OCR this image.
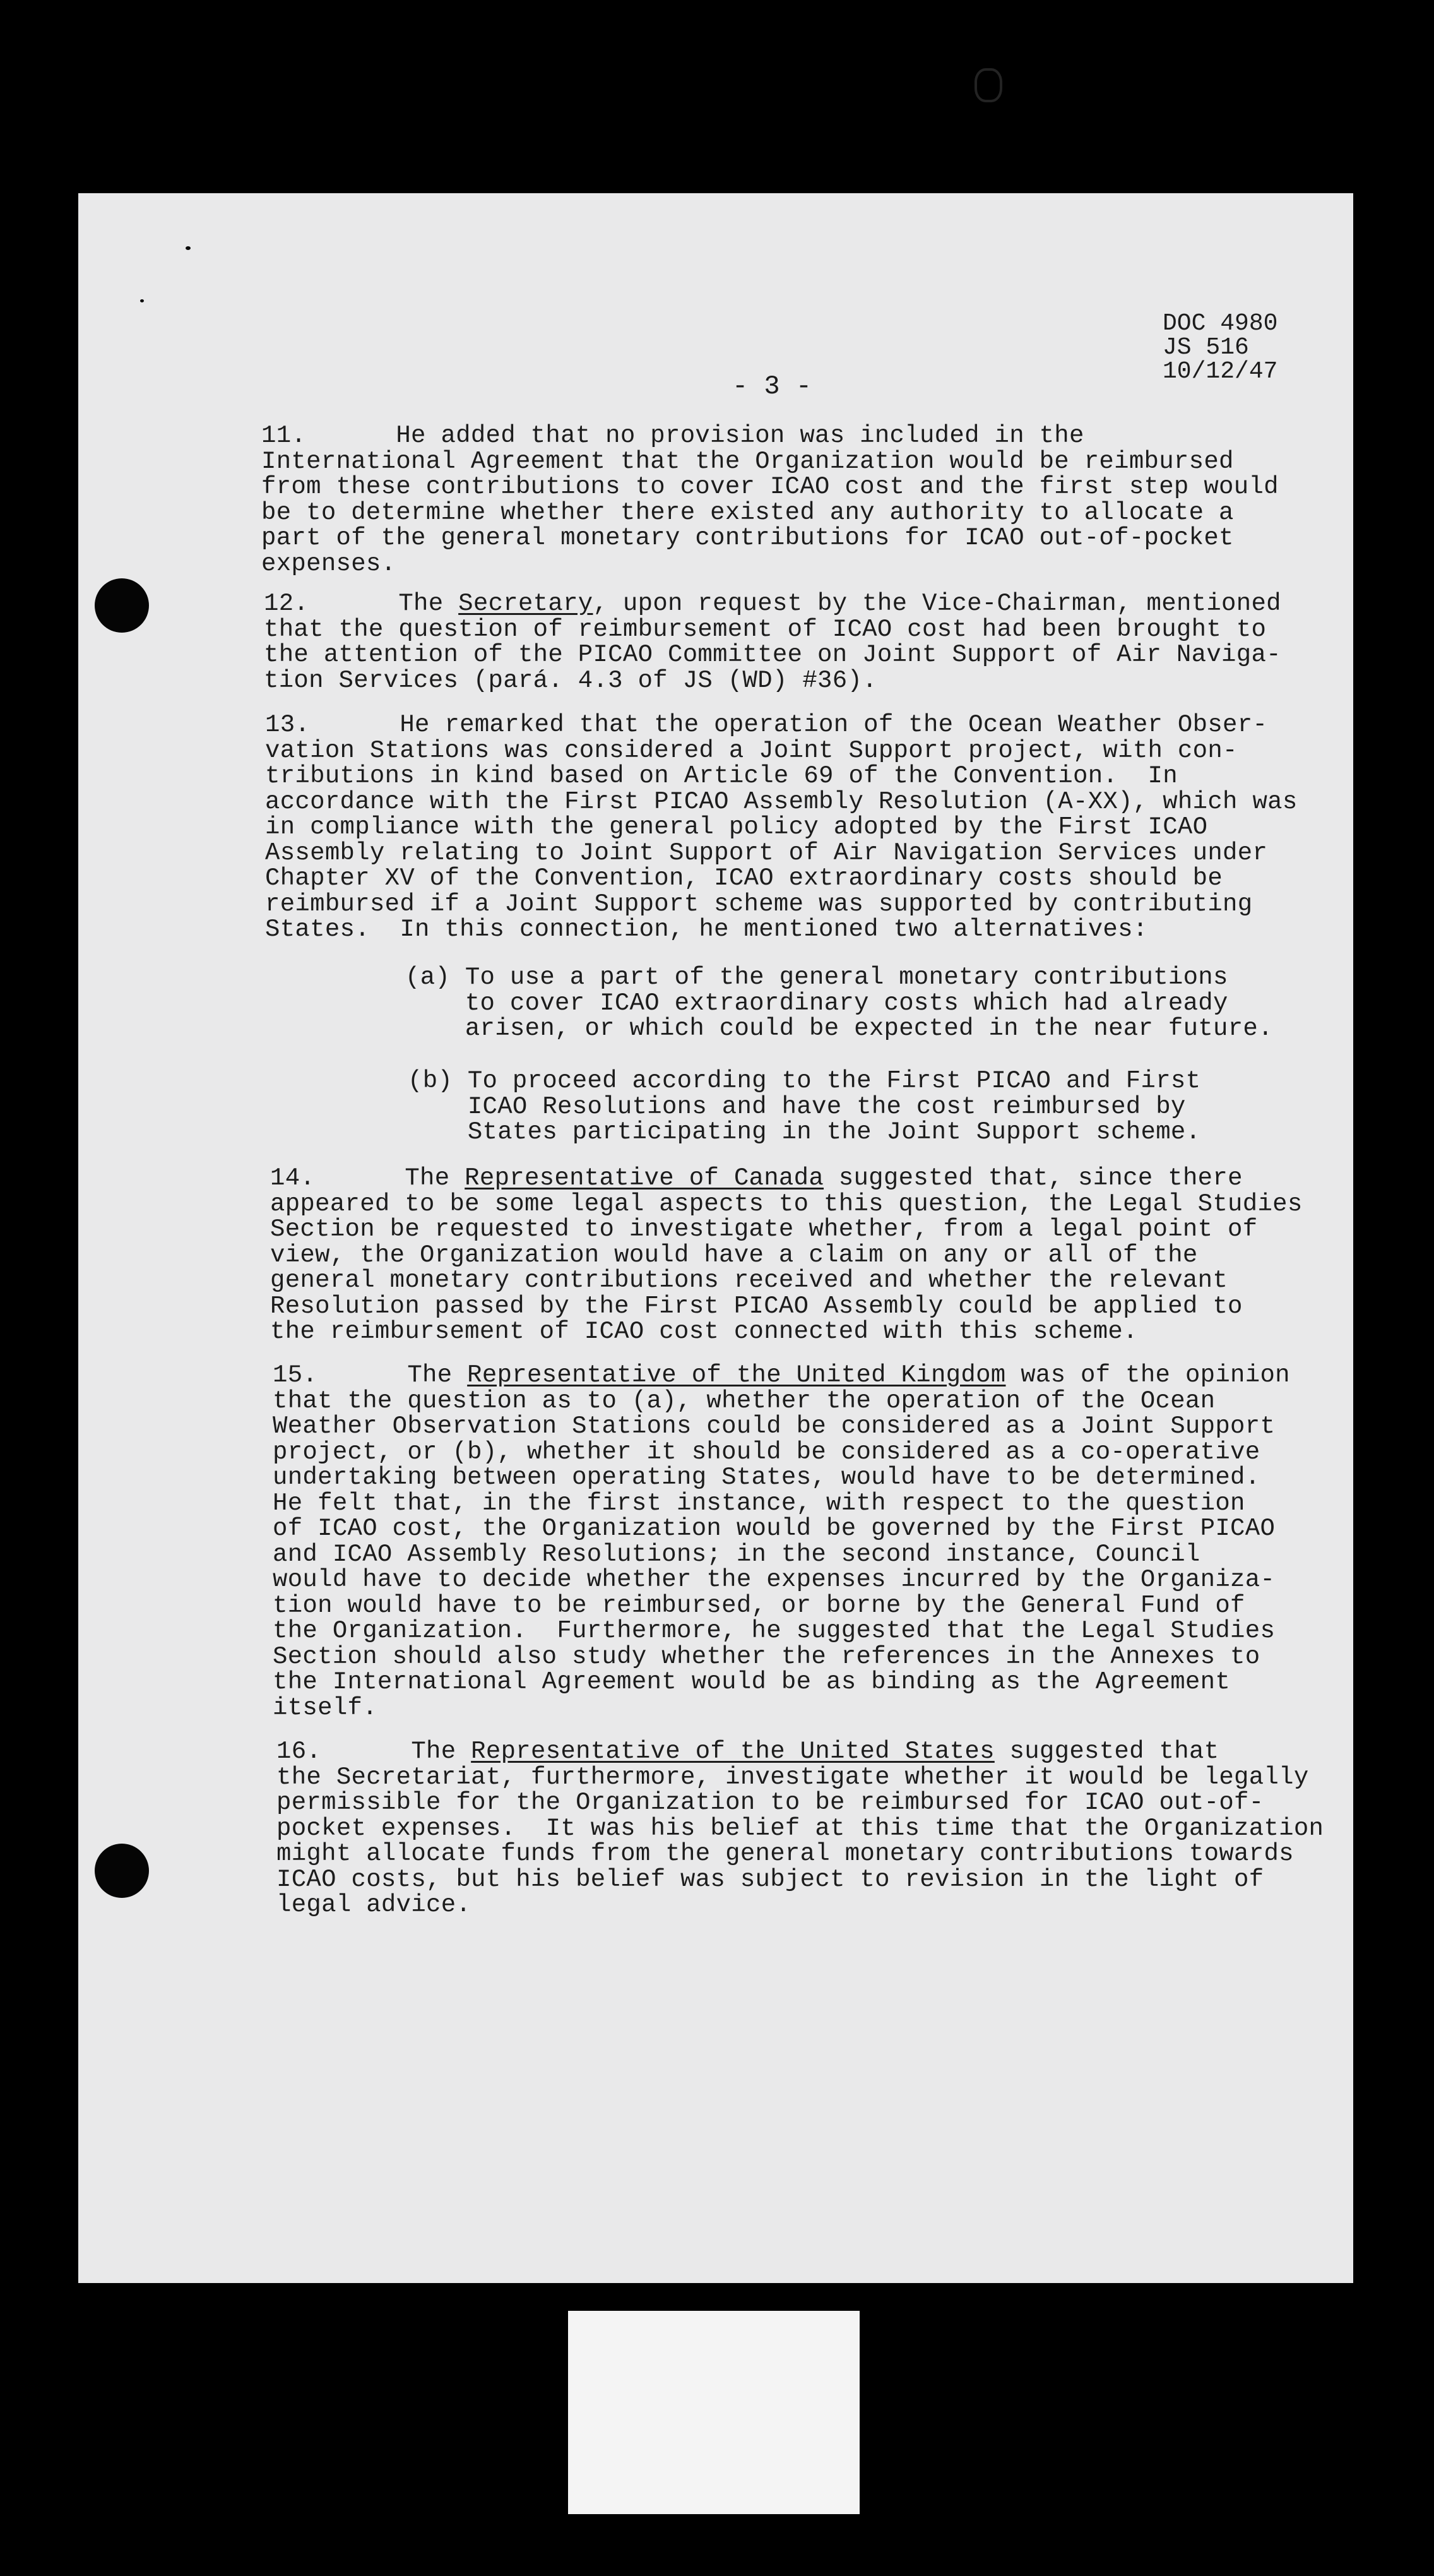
DOC 4980
JS 516
10/12/47
- 3 -
11.      He added that no provision was included in the
International Agreement that the Organization would be reimbursed
from these contributions to cover ICAO cost and the first step would
be to determine whether there existed any authority to allocate a
part of the general monetary contributions for ICAO out-of-pocket
expenses.
12.      The Secretary, upon request by the Vice-Chairman, mentioned
that the question of reimbursement of ICAO cost had been brought to
the attention of the PICAO Committee on Joint Support of Air Naviga-
tion Services (pará. 4.3 of JS (WD) #36).
13.      He remarked that the operation of the Ocean Weather Obser-
vation Stations was considered a Joint Support project, with con-
tributions in kind based on Article 69 of the Convention.  In
accordance with the First PICAO Assembly Resolution (A-XX), which was
in compliance with the general policy adopted by the First ICAO
Assembly relating to Joint Support of Air Navigation Services under
Chapter XV of the Convention, ICAO extraordinary costs should be
reimbursed if a Joint Support scheme was supported by contributing
States.  In this connection, he mentioned two alternatives:
(a) To use a part of the general monetary contributions
to cover ICAO extraordinary costs which had already
arisen, or which could be expected in the near future.
(b) To proceed according to the First PICAO and First
ICAO Resolutions and have the cost reimbursed by
States participating in the Joint Support scheme.
14.      The Representative of Canada suggested that, since there
appeared to be some legal aspects to this question, the Legal Studies
Section be requested to investigate whether, from a legal point of
view, the Organization would have a claim on any or all of the
general monetary contributions received and whether the relevant
Resolution passed by the First PICAO Assembly could be applied to
the reimbursement of ICAO cost connected with this scheme.
15.      The Representative of the United Kingdom was of the opinion
that the question as to (a), whether the operation of the Ocean
Weather Observation Stations could be considered as a Joint Support
project, or (b), whether it should be considered as a co-operative
undertaking between operating States, would have to be determined.
He felt that, in the first instance, with respect to the question
of ICAO cost, the Organization would be governed by the First PICAO
and ICAO Assembly Resolutions; in the second instance, Council
would have to decide whether the expenses incurred by the Organiza-
tion would have to be reimbursed, or borne by the General Fund of
the Organization.  Furthermore, he suggested that the Legal Studies
Section should also study whether the references in the Annexes to
the International Agreement would be as binding as the Agreement
itself.
16.      The Representative of the United States suggested that
the Secretariat, furthermore, investigate whether it would be legally
permissible for the Organization to be reimbursed for ICAO out-of-
pocket expenses.  It was his belief at this time that the Organization
might allocate funds from the general monetary contributions towards
ICAO costs, but his belief was subject to revision in the light of
legal advice.
